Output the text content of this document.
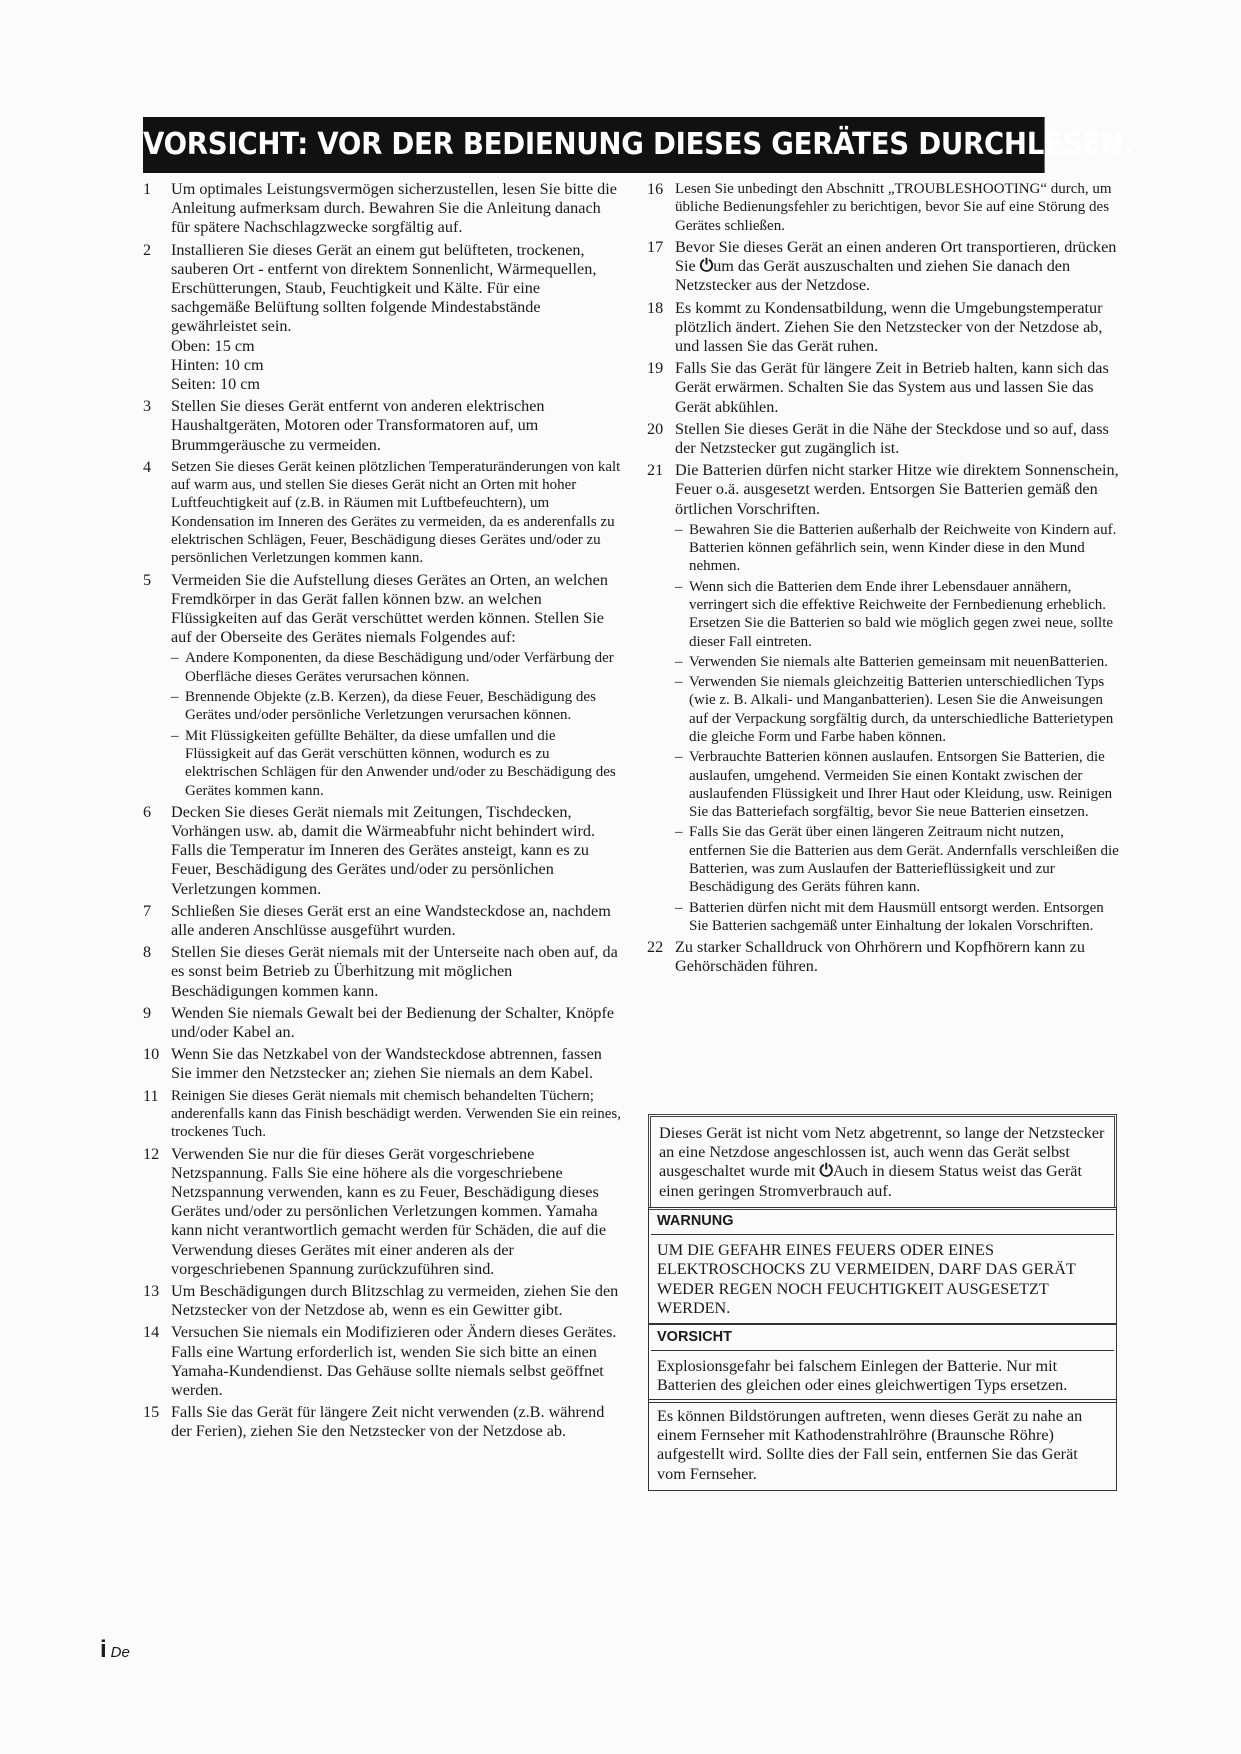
VORSICHT: VOR DER BEDIENUNG DIESES GERÄTES DURCHLESEN.
1 Um optimales Leistungsvermögen sicherzustellen, lesen Sie bitte die Anleitung aufmerksam durch. Bewahren Sie die Anleitung danach für spätere Nachschlagzwecke sorgfältig auf.

2 Installieren Sie dieses Gerät an einem gut belüfteten, trockenen, sauberen Ort - entfernt von direktem Sonnenlicht, Wärmequellen, Erschütterungen, Staub, Feuchtigkeit und Kälte. Für eine sachgemäße Belüftung sollten folgende Mindestabstände gewährleistet sein.

Oben: 15 cm
Hinten: 10 cm
Seiten: 10 cm
3 Stellen Sie dieses Gerät entfernt von anderen elektrischen Haushaltgeräten, Motoren oder Transformatoren auf, um Brummgeräusche zu vermeiden.

4 Setzen Sie dieses Gerät keinen plötzlichen Temperaturänderungen von kalt auf warm aus, und stellen Sie dieses Gerät nicht an Orten mit hoher Luftfeuchtigkeit auf (z.B. in Räumen mit Luftbefeuchtern), um Kondensation im Inneren des Gerätes zu vermeiden, da es anderenfalls zu elektrischen Schlägen, Feuer, Beschädigung dieses Gerätes und/oder zu persönlichen Verletzungen kommen kann.

5 Vermeiden Sie die Aufstellung dieses Gerätes an Orten, an welchen Fremdkörper in das Gerät fallen können bzw. an welchen Flüssigkeiten auf das Gerät verschüttet werden können. Stellen Sie auf der Oberseite des Gerätes niemals Folgendes auf:

– Andere Komponenten, da diese Beschädigung und/oder Verfärbung der Oberfläche dieses Gerätes verursachen können.
– Brennende Objekte (z.B. Kerzen), da diese Feuer, Beschädigung des Gerätes und/oder persönliche Verletzungen verursachen können.
– Mit Flüssigkeiten gefüllte Behälter, da diese umfallen und die Flüssigkeit auf das Gerät verschütten können, wodurch es zu elektrischen Schlägen für den Anwender und/oder zu Beschädigung des Gerätes kommen kann.
6 Decken Sie dieses Gerät niemals mit Zeitungen, Tischdecken, Vorhängen usw. ab, damit die Wärmeabfuhr nicht behindert wird. Falls die Temperatur im Inneren des Gerätes ansteigt, kann es zu Feuer, Beschädigung des Gerätes und/oder zu persönlichen Verletzungen kommen.

7 Schließen Sie dieses Gerät erst an eine Wandsteckdose an, nachdem alle anderen Anschlüsse ausgeführt wurden.

8 Stellen Sie dieses Gerät niemals mit der Unterseite nach oben auf, da es sonst beim Betrieb zu Überhitzung mit möglichen Beschädigungen kommen kann.

9 Wenden Sie niemals Gewalt bei der Bedienung der Schalter, Knöpfe und/oder Kabel an.

10 Wenn Sie das Netzkabel von der Wandsteckdose abtrennen, fassen Sie immer den Netzstecker an; ziehen Sie niemals an dem Kabel.

11 Reinigen Sie dieses Gerät niemals mit chemisch behandelten Tüchern; anderenfalls kann das Finish beschädigt werden. Verwenden Sie ein reines, trockenes Tuch.

12 Verwenden Sie nur die für dieses Gerät vorgeschriebene Netzspannung. Falls Sie eine höhere als die vorgeschriebene Netzspannung verwenden, kann es zu Feuer, Beschädigung dieses Gerätes und/oder zu persönlichen Verletzungen kommen. Yamaha kann nicht verantwortlich gemacht werden für Schäden, die auf die Verwendung dieses Gerätes mit einer anderen als der vorgeschriebenen Spannung zurückzuführen sind.

13 Um Beschädigungen durch Blitzschlag zu vermeiden, ziehen Sie den Netzstecker von der Netzdose ab, wenn es ein Gewitter gibt.

14 Versuchen Sie niemals ein Modifizieren oder Ändern dieses Gerätes. Falls eine Wartung erforderlich ist, wenden Sie sich bitte an einen Yamaha-Kundendienst. Das Gehäuse sollte niemals selbst geöffnet werden.

15 Falls Sie das Gerät für längere Zeit nicht verwenden (z.B. während der Ferien), ziehen Sie den Netzstecker von der Netzdose ab.

16 Lesen Sie unbedingt den Abschnitt „TROUBLESHOOTING“ durch, um übliche Bedienungsfehler zu berichtigen, bevor Sie auf eine Störung des Gerätes schließen.

17 Bevor Sie dieses Gerät an einen anderen Ort transportieren, drücken Sie ⏻um das Gerät auszuschalten und ziehen Sie danach den Netzstecker aus der Netzdose.

18 Es kommt zu Kondensatbildung, wenn die Umgebungstemperatur plötzlich ändert. Ziehen Sie den Netzstecker von der Netzdose ab, und lassen Sie das Gerät ruhen.

19 Falls Sie das Gerät für längere Zeit in Betrieb halten, kann sich das Gerät erwärmen. Schalten Sie das System aus und lassen Sie das Gerät abkühlen.

20 Stellen Sie dieses Gerät in die Nähe der Steckdose und so auf, dass der Netzstecker gut zugänglich ist.

21 Die Batterien dürfen nicht starker Hitze wie direktem Sonnenschein, Feuer o.ä. ausgesetzt werden. Entsorgen Sie Batterien gemäß den örtlichen Vorschriften.

– Bewahren Sie die Batterien außerhalb der Reichweite von Kindern auf. Batterien können gefährlich sein, wenn Kinder diese in den Mund nehmen.
– Wenn sich die Batterien dem Ende ihrer Lebensdauer annähern, verringert sich die effektive Reichweite der Fernbedienung erheblich. Ersetzen Sie die Batterien so bald wie möglich gegen zwei neue, sollte dieser Fall eintreten.
– Verwenden Sie niemals alte Batterien gemeinsam mit neuenBatterien.
– Verwenden Sie niemals gleichzeitig Batterien unterschiedlichen Typs (wie z. B. Alkali- und Manganbatterien). Lesen Sie die Anweisungen auf der Verpackung sorgfältig durch, da unterschiedliche Batterietypen die gleiche Form und Farbe haben können.
– Verbrauchte Batterien können auslaufen. Entsorgen Sie Batterien, die auslaufen, umgehend. Vermeiden Sie einen Kontakt zwischen der auslaufenden Flüssigkeit und Ihrer Haut oder Kleidung, usw. Reinigen Sie das Batteriefach sorgfältig, bevor Sie neue Batterien einsetzen.
– Falls Sie das Gerät über einen längeren Zeitraum nicht nutzen, entfernen Sie die Batterien aus dem Gerät. Andernfalls verschleißen die Batterien, was zum Auslaufen der Batterieflüssigkeit und zur Beschädigung des Geräts führen kann.
– Batterien dürfen nicht mit dem Hausmüll entsorgt werden. Entsorgen Sie Batterien sachgemäß unter Einhaltung der lokalen Vorschriften.
22 Zu starker Schalldruck von Ohrhörern und Kopfhörern kann zu Gehörschäden führen.

Dieses Gerät ist nicht vom Netz abgetrennt, so lange der Netzstecker an eine Netzdose angeschlossen ist, auch wenn das Gerät selbst ausgeschaltet wurde mit ⏻Auch in diesem Status weist das Gerät einen geringen Stromverbrauch auf.

WARNUNG

UM DIE GEFAHR EINES FEUERS ODER EINES ELEKTROSCHOCKS ZU VERMEIDEN, DARF DAS GERÄT WEDER REGEN NOCH FEUCHTIGKEIT AUSGESETZT WERDEN.

VORSICHT

Explosionsgefahr bei falschem Einlegen der Batterie. Nur mit Batterien des gleichen oder eines gleichwertigen Typs ersetzen.

Es können Bildstörungen auftreten, wenn dieses Gerät zu nahe an einem Fernseher mit Kathodenstrahlröhre (Braunsche Röhre) aufgestellt wird. Sollte dies der Fall sein, entfernen Sie das Gerät vom Fernseher.

i De
